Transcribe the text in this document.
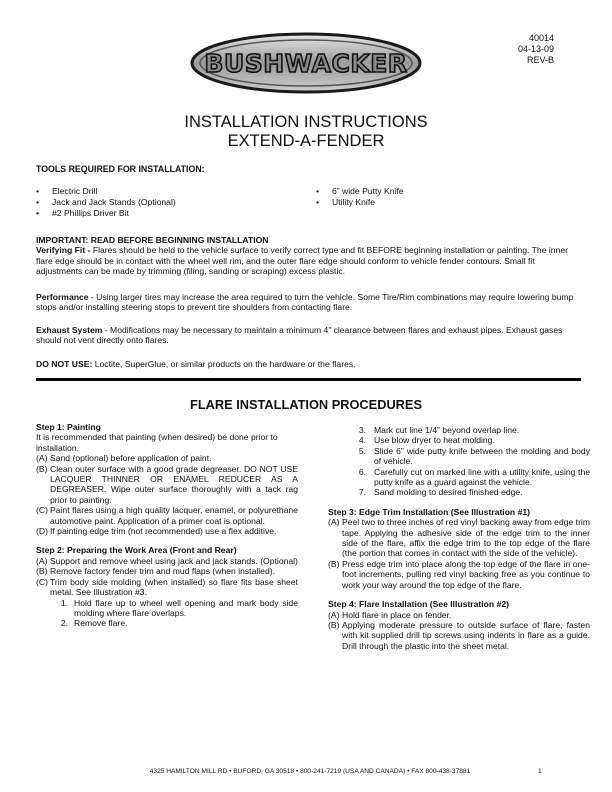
BUSHWACKER
40014
04-13-09
REV-B
INSTALLATION INSTRUCTIONS
EXTEND-A-FENDER
TOOLS REQUIRED FOR INSTALLATION:
• Electric Drill
• Jack and Jack Stands (Optional)
• #2 Phillips Driver Bit
• 6” wide Putty Knife
• Utility Knife
IMPORTANT: READ BEFORE BEGINNING INSTALLATION
Verifying Fit - Flares should be held to the vehicle surface to verify correct type and fit BEFORE beginning installation or painting. The inner flare edge should be in contact with the wheel well rim, and the outer flare edge should conform to vehicle fender contours. Small fit adjustments can be made by trimming (filing, sanding or scraping) excess plastic.
Performance - Using larger tires may increase the area required to turn the vehicle. Some Tire/Rim combinations may require lowering bump stops and/or installing steering stops to prevent tire shoulders from contacting flare.
Exhaust System - Modifications may be necessary to maintain a minimum 4” clearance between flares and exhaust pipes. Exhaust gases should not vent directly onto flares.
DO NOT USE: Loctite, SuperGlue, or similar products on the hardware or the flares.
FLARE INSTALLATION PROCEDURES
Step 1: Painting
It is recommended that painting (when desired) be done prior to installation.
(A) Sand (optional) before application of paint.
(B) Clean outer surface with a good grade degreaser. DO NOT USE LACQUER THINNER OR ENAMEL REDUCER AS A DEGREASER. Wipe outer surface thoroughly with a tack rag prior to painting.
(C) Paint flares using a high quality lacquer, enamel, or polyurethane automotive paint. Application of a primer coat is optional.
(D) If painting edge trim (not recommended) use a flex additive.
Step 2: Preparing the Work Area (Front and Rear)
(A) Support and remove wheel using jack and jack stands. (Optional)
(B) Remove factory fender trim and mud flaps (when installed).
(C) Trim body side molding (when installed) so flare fits base sheet metal. See Illustration #3.
1. Hold flare up to wheel well opening and mark body side molding where flare overlaps.
2. Remove flare.
3. Mark cut line 1/4” beyond overlap line.
4. Use blow dryer to heat molding.
5. Slide 6” wide putty knife between the molding and body of vehicle.
6. Carefully cut on marked line with a utility knife, using the putty knife as a guard against the vehicle.
7. Sand molding to desired finished edge.
Step 3: Edge Trim Installation (See Illustration #1)
(A) Peel two to three inches of red vinyl backing away from edge trim tape. Applying the adhesive side of the edge trim to the inner side of the flare, affix the edge trim to the top edge of the flare (the portion that comes in contact with the side of the vehicle).
(B) Press edge trim into place along the top edge of the flare in one-foot increments, pulling red vinyl backing free as you continue to work your way around the top edge of the flare.
Step 4: Flare Installation (See Illustration #2)
(A) Hold flare in place on fender.
(B) Applying moderate pressure to outside surface of flare, fasten with kit supplied drill tip screws using indents in flare as a guide. Drill through the plastic into the sheet metal.
4325 HAMILTON MILL RD • BUFORD, GA 30518 • 800-241-7219 (USA AND CANADA) • FAX 800-438-37881	1
